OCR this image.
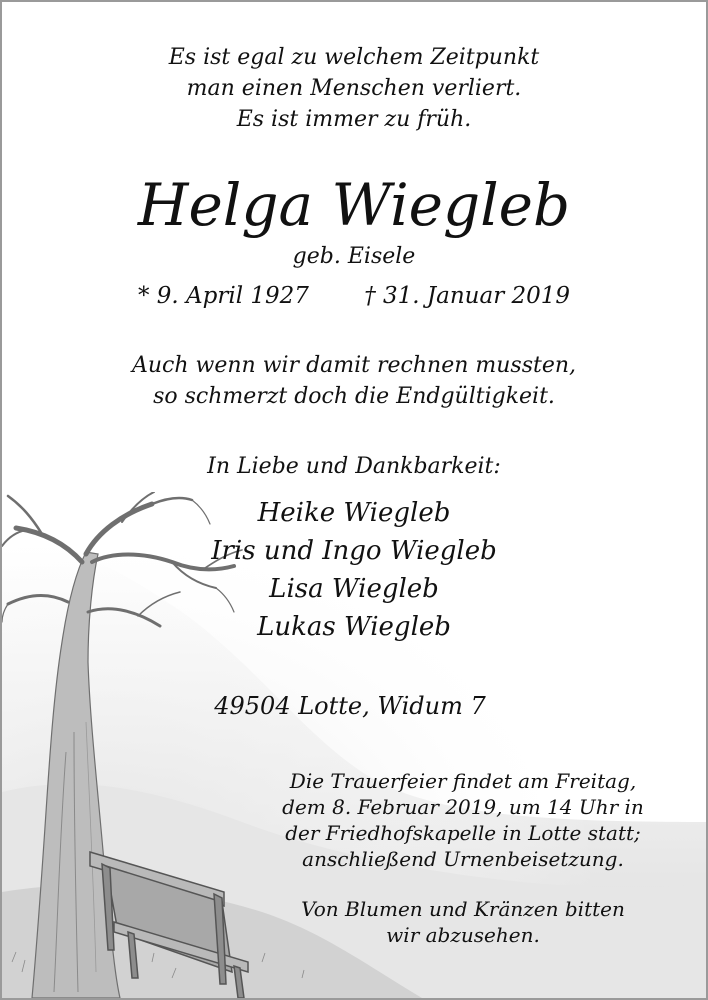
Es ist egal zu welchem Zeitpunkt
man einen Menschen verliert.
Es ist immer zu früh.
Helga Wiegleb
geb. Eisele
* 9. April 1927 † 31. Januar 2019
Auch wenn wir damit rechnen mussten,
so schmerzt doch die Endgültigkeit.
In Liebe und Dankbarkeit:
Heike Wiegleb
Iris und Ingo Wiegleb
Lisa Wiegleb
Lukas Wiegleb
49504 Lotte, Widum 7
Die Trauerfeier findet am Freitag,
dem 8. Februar 2019, um 14 Uhr in
der Friedhofskapelle in Lotte statt;
anschließend Urnenbeisetzung.
Von Blumen und Kränzen bitten
wir abzusehen.
